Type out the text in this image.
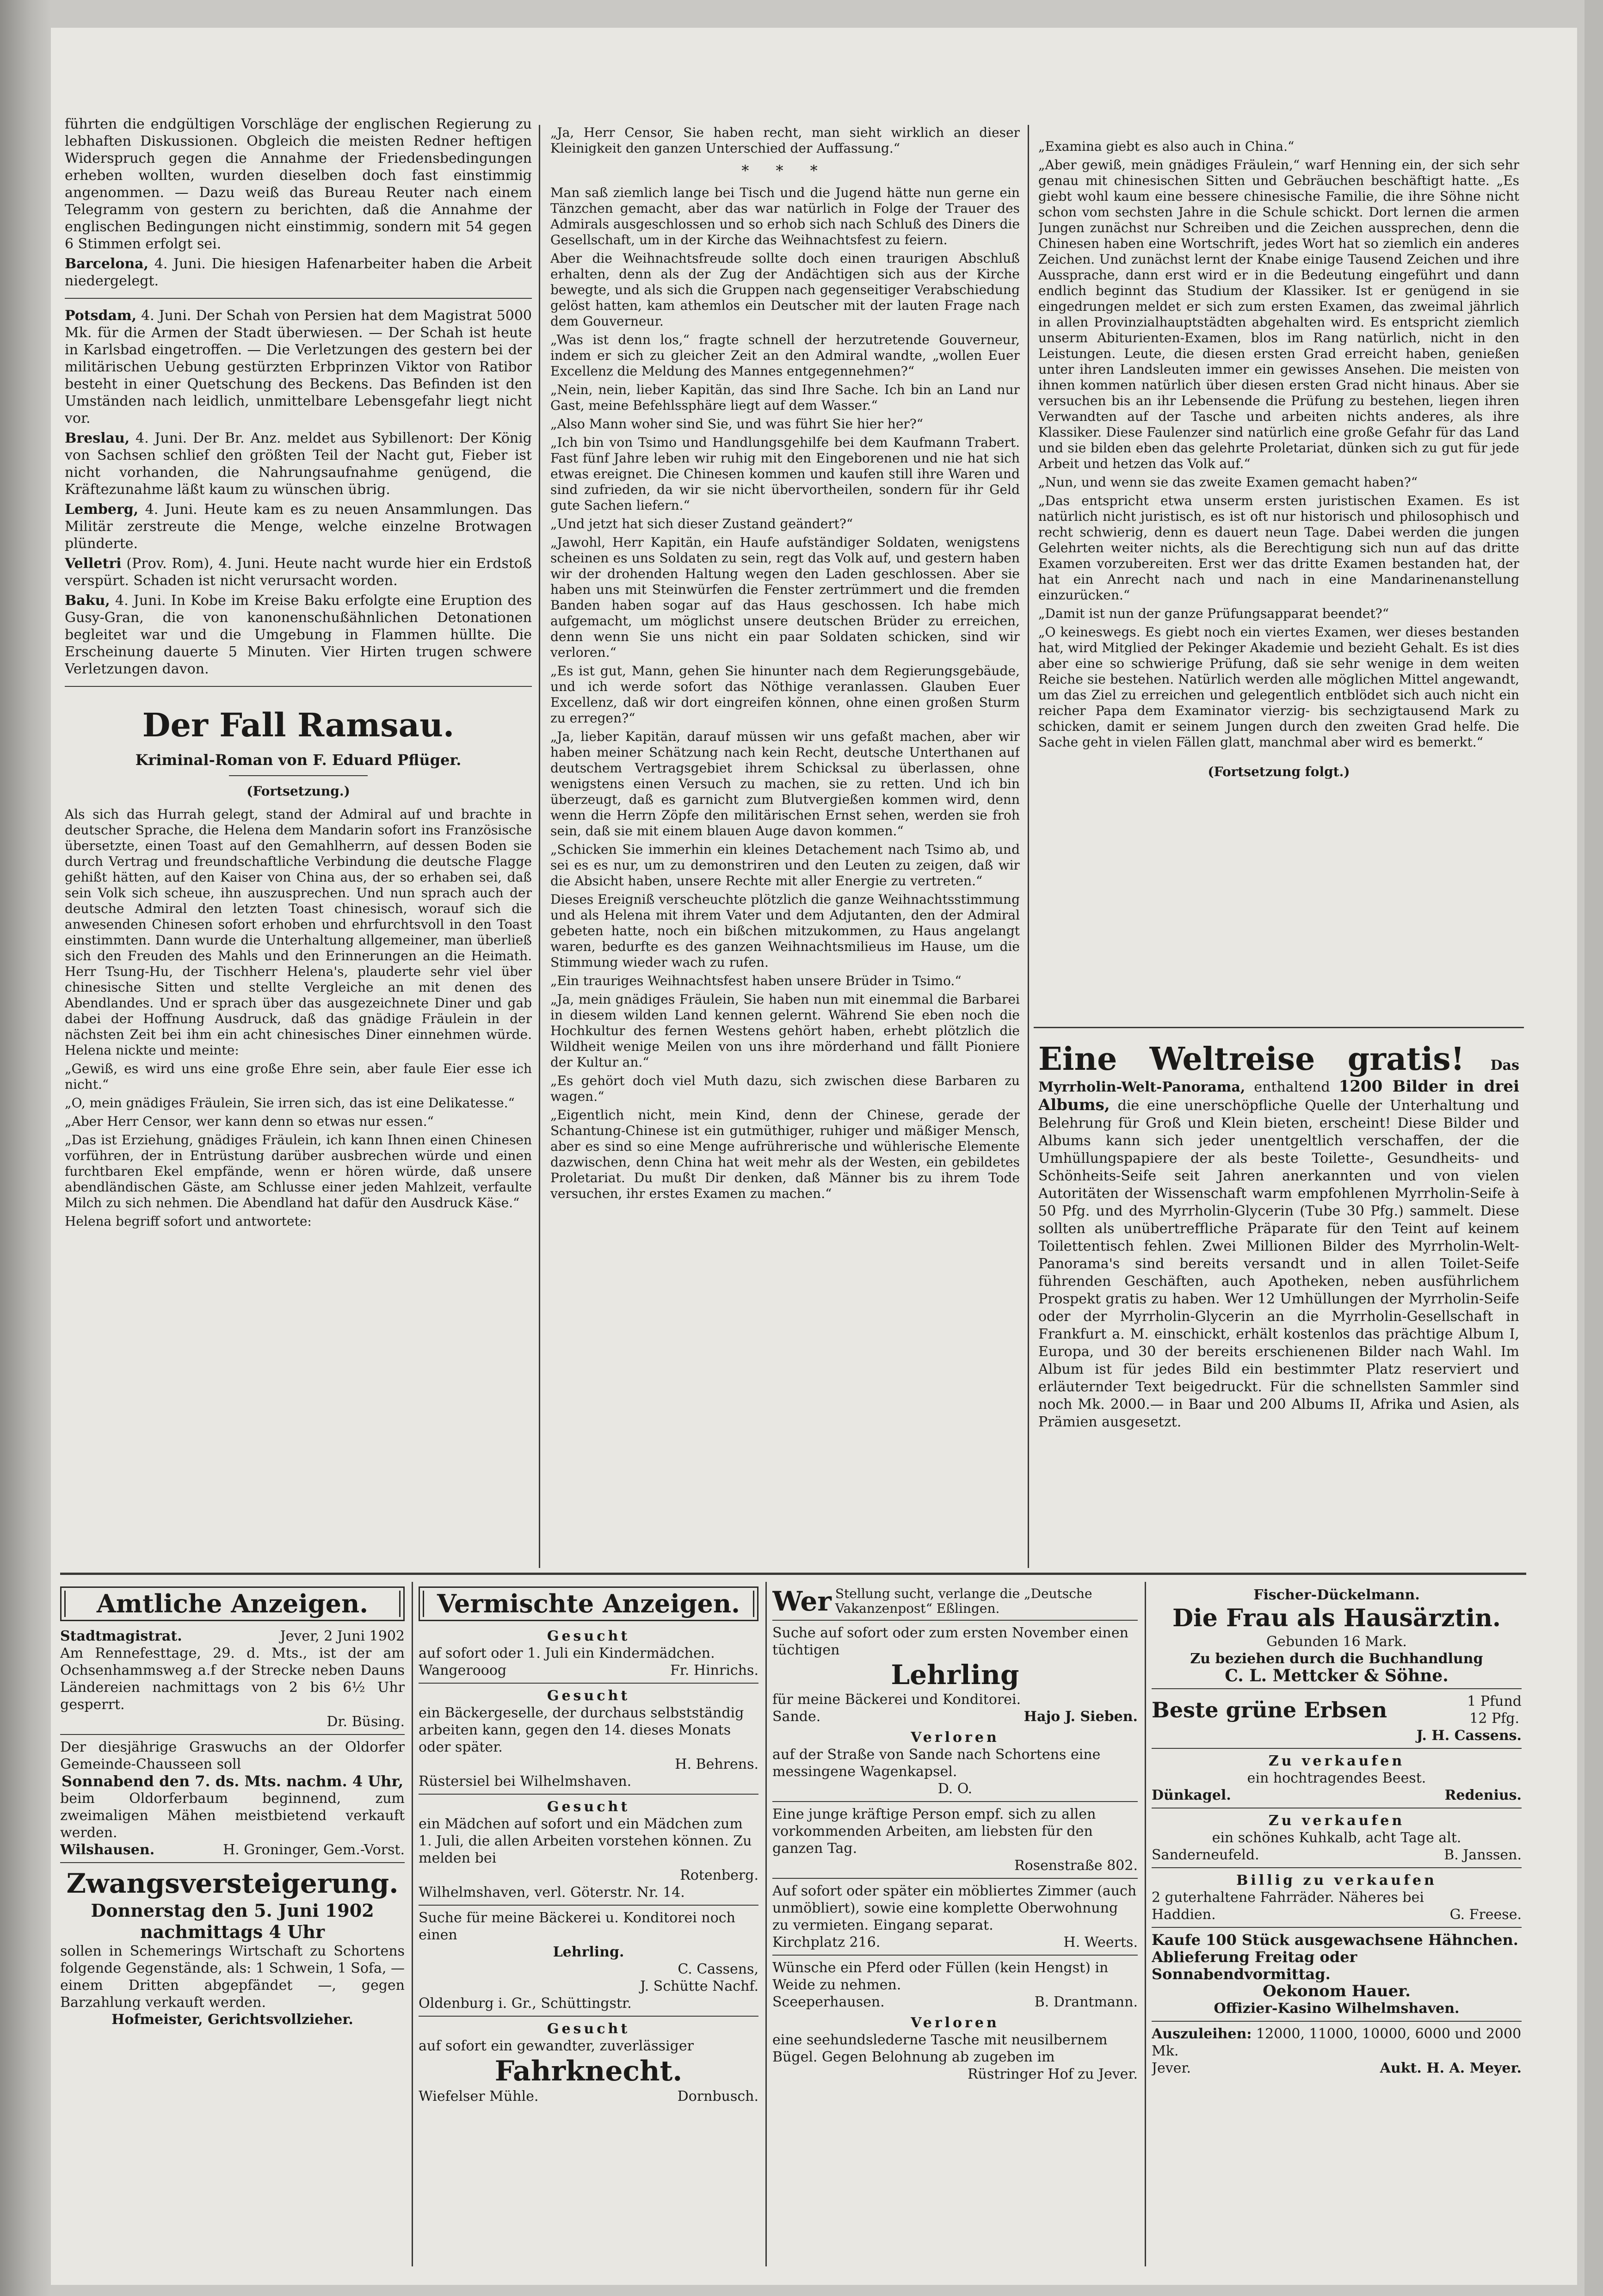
führten die endgültigen Vorschläge der englischen Regierung zu lebhaften Diskussionen. Obgleich die meisten Redner heftigen Widerspruch gegen die Annahme der Friedensbedingungen erheben wollten, wurden dieselben doch fast einstimmig angenommen. — Dazu weiß das Bureau Reuter nach einem Telegramm von gestern zu berichten, daß die Annahme der englischen Bedingungen nicht einstimmig, sondern mit 54 gegen 6 Stimmen erfolgt sei.

Barcelona, 4. Juni. Die hiesigen Hafenarbeiter haben die Arbeit niedergelegt.

Potsdam, 4. Juni. Der Schah von Persien hat dem Magistrat 5000 Mk. für die Armen der Stadt überwiesen. — Der Schah ist heute in Karlsbad eingetroffen. — Die Verletzungen des gestern bei der militärischen Uebung gestürzten Erbprinzen Viktor von Ratibor besteht in einer Quetschung des Beckens. Das Befinden ist den Umständen nach leidlich, unmittelbare Lebensgefahr liegt nicht vor.

Breslau, 4. Juni. Der Br. Anz. meldet aus Sybillenort: Der König von Sachsen schlief den größten Teil der Nacht gut, Fieber ist nicht vorhanden, die Nahrungsaufnahme genügend, die Kräftezunahme läßt kaum zu wünschen übrig.

Lemberg, 4. Juni. Heute kam es zu neuen Ansammlungen. Das Militär zerstreute die Menge, welche einzelne Brotwagen plünderte.

Velletri (Prov. Rom), 4. Juni. Heute nacht wurde hier ein Erdstoß verspürt. Schaden ist nicht verursacht worden.

Baku, 4. Juni. In Kobe im Kreise Baku erfolgte eine Eruption des Gusy-Gran, die von kanonenschußähnlichen Detonationen begleitet war und die Umgebung in Flammen hüllte. Die Erscheinung dauerte 5 Minuten. Vier Hirten trugen schwere Verletzungen davon.

Der Fall Ramsau.
Kriminal-Roman von F. Eduard Pflüger.
(Fortsetzung.)

Als sich das Hurrah gelegt, stand der Admiral auf und brachte in deutscher Sprache, die Helena dem Mandarin sofort ins Französische übersetzte, einen Toast auf den Gemahlherrn, auf dessen Boden sie durch Vertrag und freundschaftliche Verbindung die deutsche Flagge gehißt hätten, auf den Kaiser von China aus, der so erhaben sei, daß sein Volk sich scheue, ihn auszusprechen. Und nun sprach auch der deutsche Admiral den letzten Toast chinesisch, worauf sich die anwesenden Chinesen sofort erhoben und ehrfurchtsvoll in den Toast einstimmten. Dann wurde die Unterhaltung allgemeiner, man überließ sich den Freuden des Mahls und den Erinnerungen an die Heimath. Herr Tsung-Hu, der Tischherr Helena's, plauderte sehr viel über chinesische Sitten und stellte Vergleiche an mit denen des Abendlandes. Und er sprach über das ausgezeichnete Diner und gab dabei der Hoffnung Ausdruck, daß das gnädige Fräulein in der nächsten Zeit bei ihm ein acht chinesisches Diner einnehmen würde. Helena nickte und meinte:

„Gewiß, es wird uns eine große Ehre sein, aber faule Eier esse ich nicht.“

„O, mein gnädiges Fräulein, Sie irren sich, das ist eine Delikatesse.“

„Aber Herr Censor, wer kann denn so etwas nur essen.“

„Das ist Erziehung, gnädiges Fräulein, ich kann Ihnen einen Chinesen vorführen, der in Entrüstung darüber ausbrechen würde und einen furchtbaren Ekel empfände, wenn er hören würde, daß unsere abendländischen Gäste, am Schlusse einer jeden Mahlzeit, verfaulte Milch zu sich nehmen. Die Abendland hat dafür den Ausdruck Käse.“

Helena begriff sofort und antwortete:

„Ja, Herr Censor, Sie haben recht, man sieht wirklich an dieser Kleinigkeit den ganzen Unterschied der Auffassung.“

* * *

Man saß ziemlich lange bei Tisch und die Jugend hätte nun gerne ein Tänzchen gemacht, aber das war natürlich in Folge der Trauer des Admirals ausgeschlossen und so erhob sich nach Schluß des Diners die Gesellschaft, um in der Kirche das Weihnachtsfest zu feiern.

Aber die Weihnachtsfreude sollte doch einen traurigen Abschluß erhalten, denn als der Zug der Andächtigen sich aus der Kirche bewegte, und als sich die Gruppen nach gegenseitiger Verabschiedung gelöst hatten, kam athemlos ein Deutscher mit der lauten Frage nach dem Gouverneur.

„Was ist denn los,“ fragte schnell der herzutretende Gouverneur, indem er sich zu gleicher Zeit an den Admiral wandte, „wollen Euer Excellenz die Meldung des Mannes entgegennehmen?“

„Nein, nein, lieber Kapitän, das sind Ihre Sache. Ich bin an Land nur Gast, meine Befehlssphäre liegt auf dem Wasser.“

„Also Mann woher sind Sie, und was führt Sie hier her?“

„Ich bin von Tsimo und Handlungsgehilfe bei dem Kaufmann Trabert. Fast fünf Jahre leben wir ruhig mit den Eingeborenen und nie hat sich etwas ereignet. Die Chinesen kommen und kaufen still ihre Waren und sind zufrieden, da wir sie nicht übervortheilen, sondern für ihr Geld gute Sachen liefern.“

„Und jetzt hat sich dieser Zustand geändert?“

„Jawohl, Herr Kapitän, ein Haufe aufständiger Soldaten, wenigstens scheinen es uns Soldaten zu sein, regt das Volk auf, und gestern haben wir der drohenden Haltung wegen den Laden geschlossen. Aber sie haben uns mit Steinwürfen die Fenster zertrümmert und die fremden Banden haben sogar auf das Haus geschossen. Ich habe mich aufgemacht, um möglichst unsere deutschen Brüder zu erreichen, denn wenn Sie uns nicht ein paar Soldaten schicken, sind wir verloren.“

„Es ist gut, Mann, gehen Sie hinunter nach dem Regierungsgebäude, und ich werde sofort das Nöthige veranlassen. Glauben Euer Excellenz, daß wir dort eingreifen können, ohne einen großen Sturm zu erregen?“

„Ja, lieber Kapitän, darauf müssen wir uns gefaßt machen, aber wir haben meiner Schätzung nach kein Recht, deutsche Unterthanen auf deutschem Vertragsgebiet ihrem Schicksal zu überlassen, ohne wenigstens einen Versuch zu machen, sie zu retten. Und ich bin überzeugt, daß es garnicht zum Blutvergießen kommen wird, denn wenn die Herrn Zöpfe den militärischen Ernst sehen, werden sie froh sein, daß sie mit einem blauen Auge davon kommen.“

„Schicken Sie immerhin ein kleines Detachement nach Tsimo ab, und sei es es nur, um zu demonstriren und den Leuten zu zeigen, daß wir die Absicht haben, unsere Rechte mit aller Energie zu vertreten.“

Dieses Ereigniß verscheuchte plötzlich die ganze Weihnachtsstimmung und als Helena mit ihrem Vater und dem Adjutanten, den der Admiral gebeten hatte, noch ein bißchen mitzukommen, zu Haus angelangt waren, bedurfte es des ganzen Weihnachtsmilieus im Hause, um die Stimmung wieder wach zu rufen.

„Ein trauriges Weihnachtsfest haben unsere Brüder in Tsimo.“

„Ja, mein gnädiges Fräulein, Sie haben nun mit einemmal die Barbarei in diesem wilden Land kennen gelernt. Während Sie eben noch die Hochkultur des fernen Westens gehört haben, erhebt plötzlich die Wildheit wenige Meilen von uns ihre mörderhand und fällt Pioniere der Kultur an.“

„Es gehört doch viel Muth dazu, sich zwischen diese Barbaren zu wagen.“

„Eigentlich nicht, mein Kind, denn der Chinese, gerade der Schantung-Chinese ist ein gutmüthiger, ruhiger und mäßiger Mensch, aber es sind so eine Menge aufrührerische und wühlerische Elemente dazwischen, denn China hat weit mehr als der Westen, ein gebildetes Proletariat. Du mußt Dir denken, daß Männer bis zu ihrem Tode versuchen, ihr erstes Examen zu machen.“

„Examina giebt es also auch in China.“

„Aber gewiß, mein gnädiges Fräulein,“ warf Henning ein, der sich sehr genau mit chinesischen Sitten und Gebräuchen beschäftigt hatte. „Es giebt wohl kaum eine bessere chinesische Familie, die ihre Söhne nicht schon vom sechsten Jahre in die Schule schickt. Dort lernen die armen Jungen zunächst nur Schreiben und die Zeichen aussprechen, denn die Chinesen haben eine Wortschrift, jedes Wort hat so ziemlich ein anderes Zeichen. Und zunächst lernt der Knabe einige Tausend Zeichen und ihre Aussprache, dann erst wird er in die Bedeutung eingeführt und dann endlich beginnt das Studium der Klassiker. Ist er genügend in sie eingedrungen meldet er sich zum ersten Examen, das zweimal jährlich in allen Provinzialhauptstädten abgehalten wird. Es entspricht ziemlich unserm Abiturienten-Examen, blos im Rang natürlich, nicht in den Leistungen. Leute, die diesen ersten Grad erreicht haben, genießen unter ihren Landsleuten immer ein gewisses Ansehen. Die meisten von ihnen kommen natürlich über diesen ersten Grad nicht hinaus. Aber sie versuchen bis an ihr Lebensende die Prüfung zu bestehen, liegen ihren Verwandten auf der Tasche und arbeiten nichts anderes, als ihre Klassiker. Diese Faulenzer sind natürlich eine große Gefahr für das Land und sie bilden eben das gelehrte Proletariat, dünken sich zu gut für jede Arbeit und hetzen das Volk auf.“

„Nun, und wenn sie das zweite Examen gemacht haben?“

„Das entspricht etwa unserm ersten juristischen Examen. Es ist natürlich nicht juristisch, es ist oft nur historisch und philosophisch und recht schwierig, denn es dauert neun Tage. Dabei werden die jungen Gelehrten weiter nichts, als die Berechtigung sich nun auf das dritte Examen vorzubereiten. Erst wer das dritte Examen bestanden hat, der hat ein Anrecht nach und nach in eine Mandarinenanstellung einzurücken.“

„Damit ist nun der ganze Prüfungsapparat beendet?“

„O keineswegs. Es giebt noch ein viertes Examen, wer dieses bestanden hat, wird Mitglied der Pekinger Akademie und bezieht Gehalt. Es ist dies aber eine so schwierige Prüfung, daß sie sehr wenige in dem weiten Reiche sie bestehen. Natürlich werden alle möglichen Mittel angewandt, um das Ziel zu erreichen und gelegentlich entblödet sich auch nicht ein reicher Papa dem Examinator vierzig- bis sechzigtausend Mark zu schicken, damit er seinem Jungen durch den zweiten Grad helfe. Die Sache geht in vielen Fällen glatt, manchmal aber wird es bemerkt.“

(Fortsetzung folgt.)

Eine Weltreise gratis! Das Myrrholin-Welt-Panorama, enthaltend 1200 Bilder in drei Albums, die eine unerschöpfliche Quelle der Unterhaltung und Belehrung für Groß und Klein bieten, erscheint! Diese Bilder und Albums kann sich jeder unentgeltlich verschaffen, der die Umhüllungspapiere der als beste Toilette-, Gesundheits- und Schönheits-Seife seit Jahren anerkannten und von vielen Autoritäten der Wissenschaft warm empfohlenen Myrrholin-Seife à 50 Pfg. und des Myrrholin-Glycerin (Tube 30 Pfg.) sammelt. Diese sollten als unübertreffliche Präparate für den Teint auf keinem Toilettentisch fehlen. Zwei Millionen Bilder des Myrrholin-Welt-Panorama's sind bereits versandt und in allen Toilet-Seife führenden Geschäften, auch Apotheken, neben ausführlichem Prospekt gratis zu haben. Wer 12 Umhüllungen der Myrrholin-Seife oder der Myrrholin-Glycerin an die Myrrholin-Gesellschaft in Frankfurt a. M. einschickt, erhält kostenlos das prächtige Album I, Europa, und 30 der bereits erschienenen Bilder nach Wahl. Im Album ist für jedes Bild ein bestimmter Platz reserviert und erläuternder Text beigedruckt. Für die schnellsten Sammler sind noch Mk. 2000.— in Baar und 200 Albums II, Afrika und Asien, als Prämien ausgesetzt.

Amtliche Anzeigen.
Stadtmagistrat.	Jever, 2 Juni 1902

Am Rennefesttage, 29. d. Mts., ist der am Ochsenhammsweg a.f der Strecke neben Dauns Ländereien nachmittags von 2 bis 6½ Uhr gesperrt.

Dr. Büsing.

Der diesjährige Graswuchs an der Oldorfer Gemeinde-Chausseen soll

Sonnabend den 7. ds. Mts. nachm. 4 Uhr,

beim Oldorferbaum beginnend, zum zweimaligen Mähen meistbietend verkauft werden.

Wilshausen.	H. Groninger, Gem.-Vorst.
Zwangsversteigerung.
Donnerstag den 5. Juni 1902 nachmittags 4 Uhr

sollen in Schemerings Wirtschaft zu Schortens folgende Gegenstände, als: 1 Schwein, 1 Sofa, — einem Dritten abgepfändet —, gegen Barzahlung verkauft werden.

Hofmeister, Gerichtsvollzieher.
Vermischte Anzeigen.
Gesucht
auf sofort oder 1. Juli ein Kindermädchen.
Wangerooog	Fr. Hinrichs.
Gesucht
ein Bäckergeselle, der durchaus selbstständig arbeiten kann, gegen den 14. dieses Monats oder später.
H. Behrens.
Rüstersiel bei Wilhelmshaven.
Gesucht
ein Mädchen auf sofort und ein Mädchen zum 1. Juli, die allen Arbeiten vorstehen können. Zu melden bei
Rotenberg.
Wilhelmshaven, verl. Göterstr. Nr. 14.
Suche für meine Bäckerei u. Konditorei noch einen
Lehrling.
C. Cassens,
J. Schütte Nachf.
Oldenburg i. Gr., Schüttingstr.
Gesucht
auf sofort ein gewandter, zuverlässiger
Fahrknecht.
Wiefelser Mühle.	Dornbusch.
Wer Stellung sucht, verlange die „Deutsche Vakanzenpost“ Eßlingen.
Suche auf sofort oder zum ersten November einen tüchtigen
Lehrling
für meine Bäckerei und Konditorei.
Sande.	Hajo J. Sieben.
Verloren
auf der Straße von Sande nach Schortens eine messingene Wagenkapsel.
D. O.
Eine junge kräftige Person empf. sich zu allen vorkommenden Arbeiten, am liebsten für den ganzen Tag.
Rosenstraße 802.
Auf sofort oder später ein möbliertes Zimmer (auch unmöbliert), sowie eine komplette Oberwohnung zu vermieten. Eingang separat.
Kirchplatz 216.	H. Weerts.
Wünsche ein Pferd oder Füllen (kein Hengst) in Weide zu nehmen.
Sceeperhausen.	B. Drantmann.
Verloren
eine seehundslederne Tasche mit neusilbernem Bügel. Gegen Belohnung ab zugeben im
Rüstringer Hof zu Jever.
Fischer-Dückelmann.
Die Frau als Hausärztin.
Gebunden 16 Mark.
Zu beziehen durch die Buchhandlung
C. L. Mettcker & Söhne.
Beste grüne Erbsen	1 Pfund
12 Pfg.
J. H. Cassens.
Zu verkaufen
ein hochtragendes Beest.
Dünkagel.	Redenius.
Zu verkaufen
ein schönes Kuhkalb, acht Tage alt.
Sanderneufeld.	B. Janssen.
Billig zu verkaufen
2 guterhaltene Fahrräder. Näheres bei
Haddien.	G. Freese.
Kaufe 100 Stück ausgewachsene Hähnchen. Ablieferung Freitag oder Sonnabendvormittag.
Oekonom Hauer.
Offizier-Kasino Wilhelmshaven.
Auszuleihen: 12000, 11000, 10000, 6000 und 2000 Mk.
Jever.	Aukt. H. A. Meyer.
